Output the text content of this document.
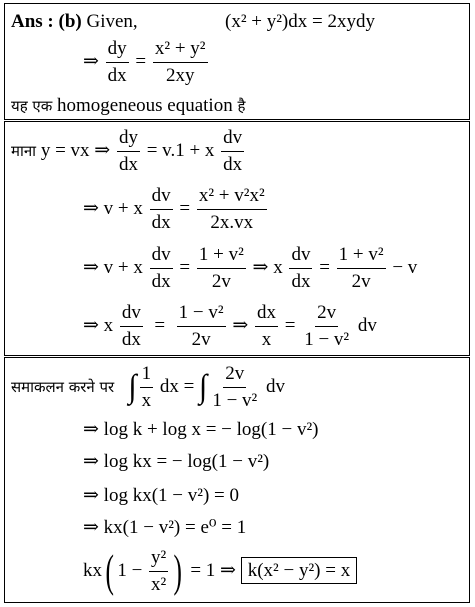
Ans : (b) Given,	(x² + y²)dx = 2xydy
⇒ $\frac{dy}{dx} = \frac{\text{x² + y²}}{2xy}$
यह एक homogeneous equation है
माना y = vx ⇒ $\frac{dy}{dx} = v.1 + x \frac{dv}{dx}$
⇒ v + x $\frac{dv}{dx} = \frac{\text{x² + v²x²}}{2x.vx}$
⇒ v + x $\frac{dv}{dx} = \frac{\text{1 + v²}}{2v}$ ⇒ x $\frac{dv}{dx} = \frac{\text{1 + v²}}{2v} - v$
⇒ x $\frac{dv}{dx} = \frac{\text{1 − v²}}{2v}$ ⇒ $\frac{dx}{x} = \frac{2v}{\text{1 − v²}}$ dv
समाकलन करने पर ∫ $\frac{1}{x}$ dx = ∫ $\frac{2v}{\text{1 − v²}}$ dv
⇒ log k + log x = − log(1 − v²)
⇒ log kx = − log(1 − v²)
⇒ log kx(1 − v²) = 0
⇒ kx(1 − v²) = e⁰ = 1
kx( $1 - \frac{\text{y²}}{\text{x²}}$ ) = 1 ⇒ k(x² − y²) = x
